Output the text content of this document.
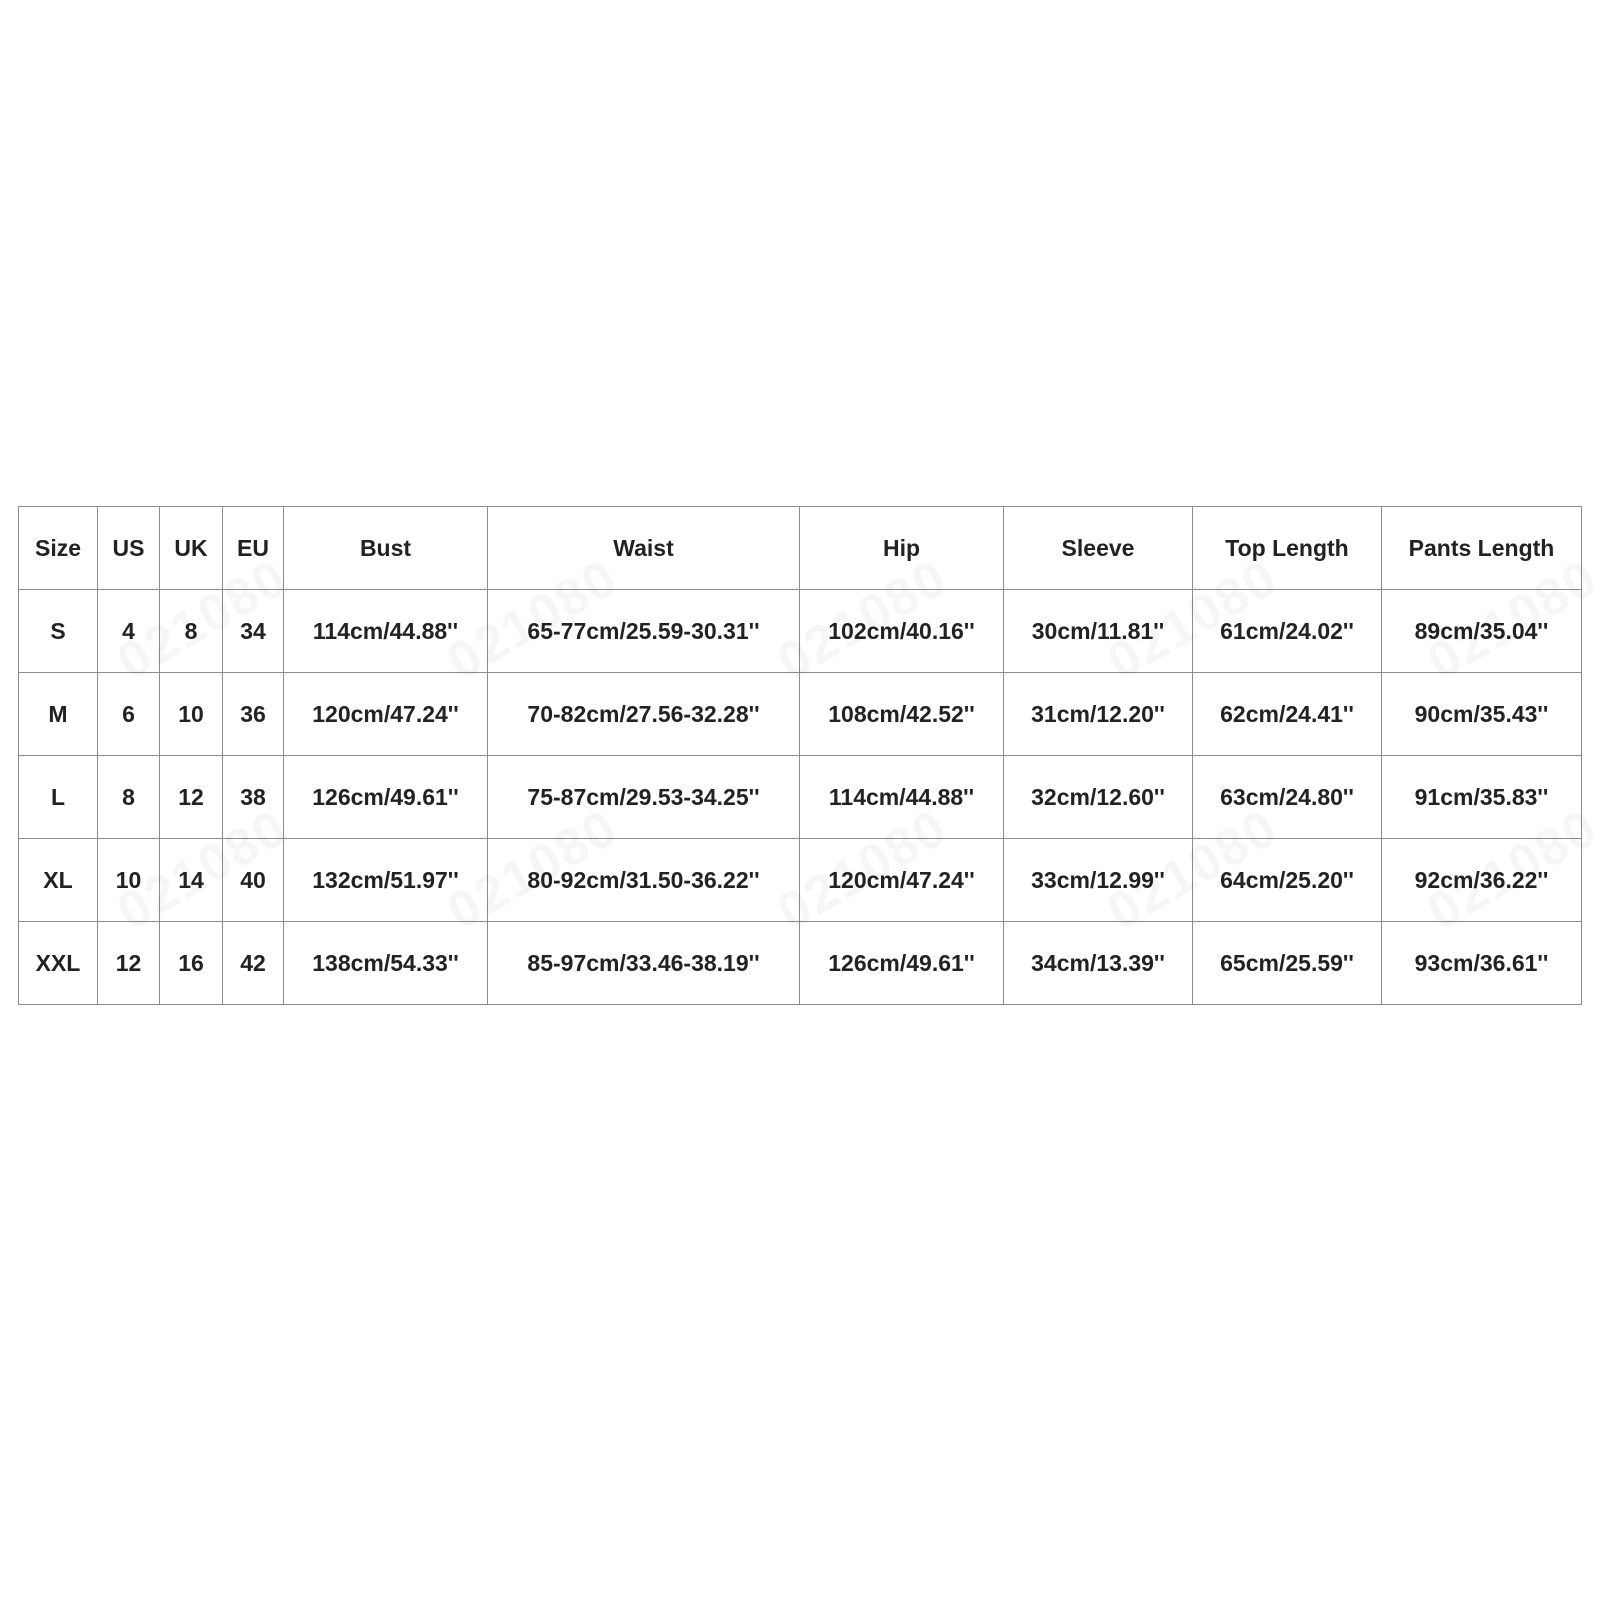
Size	US	UK	EU	Bust	Waist	Hip	Sleeve	Top Length	Pants Length
S	4	8	34	114cm/44.88''	65-77cm/25.59-30.31''	102cm/40.16''	30cm/11.81''	61cm/24.02''	89cm/35.04''
M	6	10	36	120cm/47.24''	70-82cm/27.56-32.28''	108cm/42.52''	31cm/12.20''	62cm/24.41''	90cm/35.43''
L	8	12	38	126cm/49.61''	75-87cm/29.53-34.25''	114cm/44.88''	32cm/12.60''	63cm/24.80''	91cm/35.83''
XL	10	14	40	132cm/51.97''	80-92cm/31.50-36.22''	120cm/47.24''	33cm/12.99''	64cm/25.20''	92cm/36.22''
XXL	12	16	42	138cm/54.33''	85-97cm/33.46-38.19''	126cm/49.61''	34cm/13.39''	65cm/25.59''	93cm/36.61''
